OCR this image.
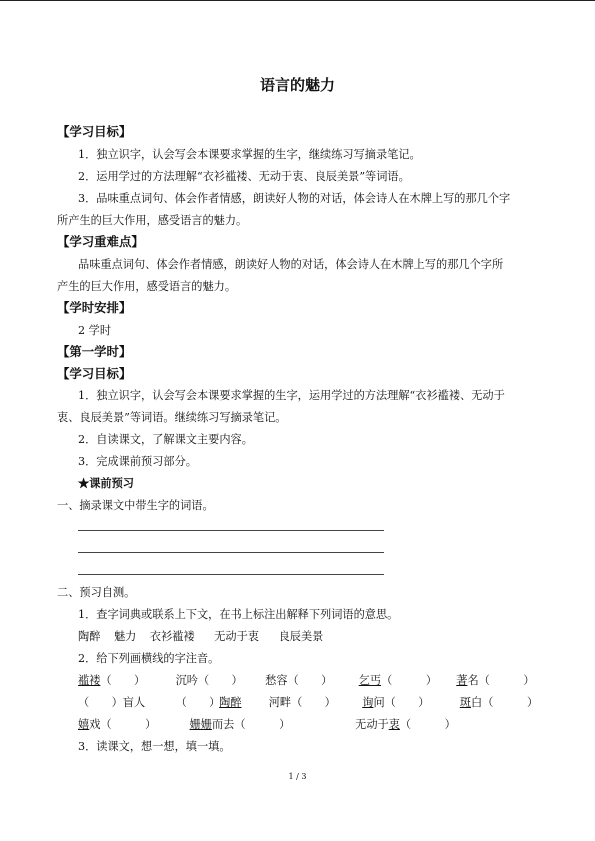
语言的魅力
【学习目标】
1．独立识字，认会写会本课要求掌握的生字，继续练习写摘录笔记。
2．运用学过的方法理解“衣衫褴褛、无动于衷、良辰美景”等词语。
3．品味重点词句、体会作者情感，朗读好人物的对话，体会诗人在木牌上写的那几个字
所产生的巨大作用，感受语言的魅力。
【学习重难点】
品味重点词句、体会作者情感，朗读好人物的对话，体会诗人在木牌上写的那几个字所
产生的巨大作用，感受语言的魅力。
【学时安排】
2 学时
【第一学时】
【学习目标】
1．独立识字，认会写会本课要求掌握的生字，运用学过的方法理解“衣衫褴褛、无动于
衷、良辰美景”等词语。继续练习写摘录笔记。
2．自读课文，了解课文主要内容。
3．完成课前预习部分。
★课前预习
一、摘录课文中带生字的词语。
二、预习自测。
1．查字词典或联系上下文，在书上标注出解释下列词语的意思。
陶醉 魅力 衣衫褴褛 无动于衷 良辰美景
2．给下列画横线的字注音。
褴褛（　　）	沉吟（　　） 愁容（　　） 乞丐（　　　） 著名（　　　）
（　　）盲人	（　　） 陶醉 河畔（　　） 询问（　　）	斑白（　　　）
嬉戏（　　　）	姗姗而去（　　　）	无动于衷（　　　）
3．读课文，想一想，填一填。
1 / 3
